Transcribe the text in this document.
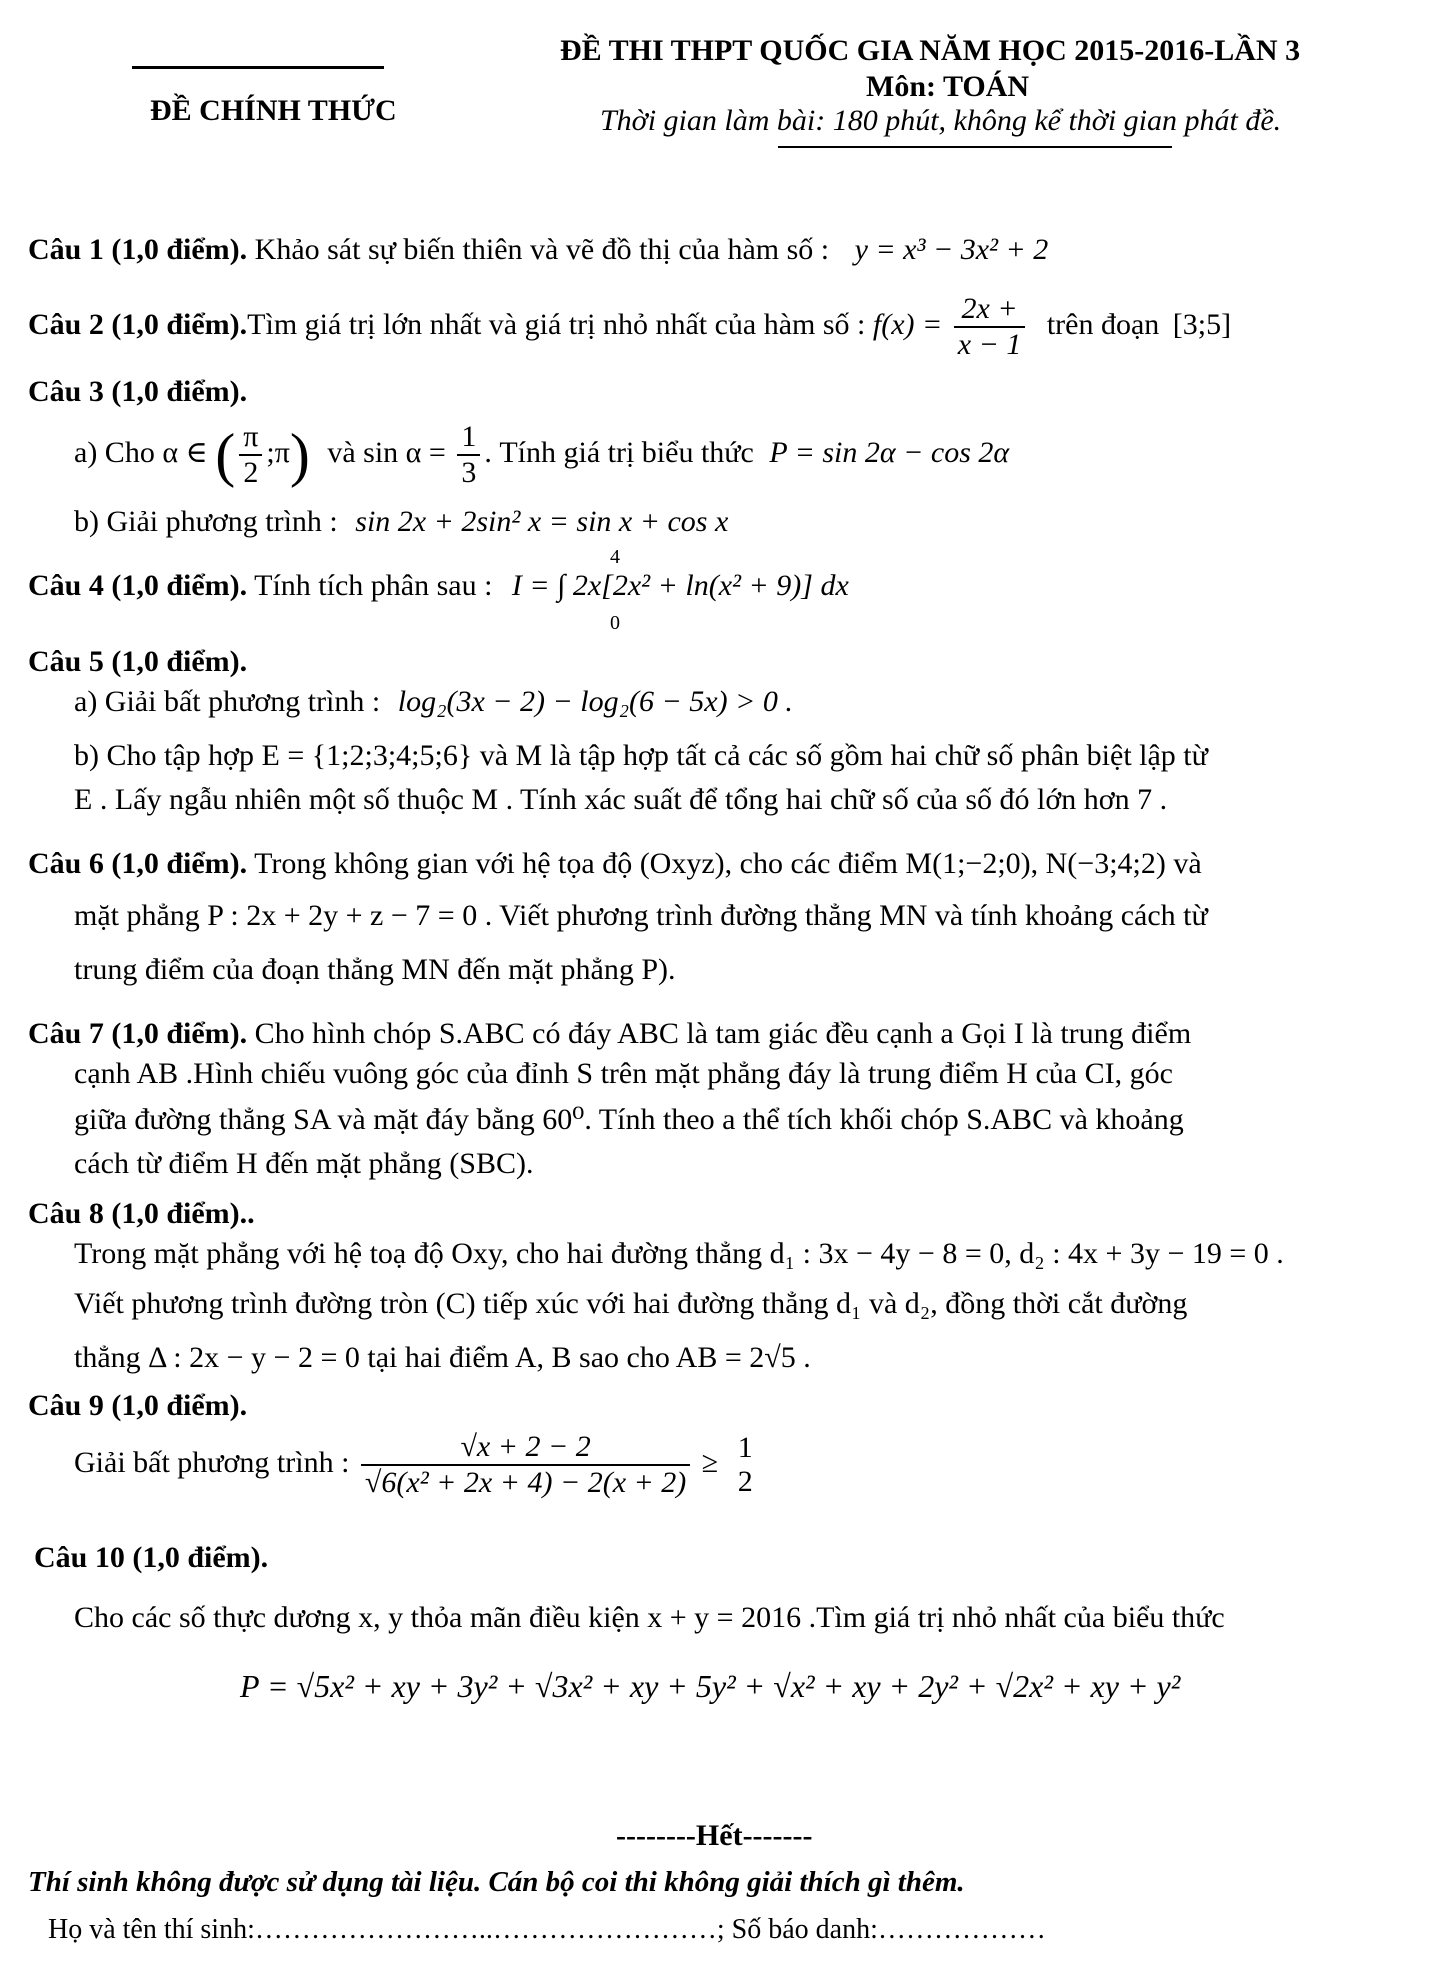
ĐỀ CHÍNH THỨC
ĐỀ THI THPT QUỐC GIA NĂM HỌC 2015-2016-LẦN 3
Môn: TOÁN
Thời gian làm bài: 180 phút, không kể thời gian phát đề.
Câu 1 (1,0 điểm). Khảo sát sự biến thiên và vẽ đồ thị của hàm số : y = x³ − 3x² + 2
Câu 2 (1,0 điểm).Tìm giá trị lớn nhất và giá trị nhỏ nhất của hàm số : $f(x) = \frac{2x +}{x - 1}$ trên đoạn [3;5]
Câu 3 (1,0 điểm).
a) Cho α ∈ ( $\frac{\pi}{2}$ ;π) và $\sin \alpha = \frac{1}{3}$ . Tính giá trị biểu thức P = sin 2α − cos 2α
b) Giải phương trình : sin 2x + 2sin² x = sin x + cos x
Câu 4 (1,0 điểm). Tính tích phân sau : I = ∫ 2x[2x² + ln(x² + 9)] dx
4
0
Câu 5 (1,0 điểm).
a) Giải bất phương trình : log₂(3x − 2) − log₂(6 − 5x) > 0 .
b) Cho tập hợp E = {1;2;3;4;5;6} và M là tập hợp tất cả các số gồm hai chữ số phân biệt lập từ
E . Lấy ngẫu nhiên một số thuộc M . Tính xác suất để tổng hai chữ số của số đó lớn hơn 7 .
Câu 6 (1,0 điểm). Trong không gian với hệ tọa độ (Oxyz), cho các điểm M(1;−2;0), N(−3;4;2) và
mặt phẳng P : 2x + 2y + z − 7 = 0 . Viết phương trình đường thẳng MN và tính khoảng cách từ
trung điểm của đoạn thẳng MN đến mặt phẳng P).
Câu 7 (1,0 điểm). Cho hình chóp S.ABC có đáy ABC là tam giác đều cạnh a Gọi I là trung điểm
cạnh AB .Hình chiếu vuông góc của đỉnh S trên mặt phẳng đáy là trung điểm H của CI, góc
giữa đường thẳng SA và mặt đáy bằng 60⁰. Tính theo a thể tích khối chóp S.ABC và khoảng
cách từ điểm H đến mặt phẳng (SBC).
Câu 8 (1,0 điểm)..
Trong mặt phẳng với hệ toạ độ Oxy, cho hai đường thẳng d₁ : 3x − 4y − 8 = 0, d₂ : 4x + 3y − 19 = 0 .
Viết phương trình đường tròn (C) tiếp xúc với hai đường thẳng d₁ và d₂, đồng thời cắt đường
thẳng Δ : 2x − y − 2 = 0 tại hai điểm A, B sao cho AB = 2√5 .
Câu 9 (1,0 điểm).
Giải bất phương trình : $\frac{√x + 2 - 2}{\text{√6(x² + 2x + 4) − 2(x + 2)}} \ge 1$
2
Câu 10 (1,0 điểm).
Cho các số thực dương x, y thỏa mãn điều kiện x + y = 2016 .Tìm giá trị nhỏ nhất của biểu thức
P = √5x² + xy + 3y² + √3x² + xy + 5y² + √x² + xy + 2y² + √2x² + xy + y²
--------Hết-------
Thí sinh không được sử dụng tài liệu. Cán bộ coi thi không giải thích gì thêm.
Họ và tên thí sinh:……………………..……………………; Số báo danh:………………
